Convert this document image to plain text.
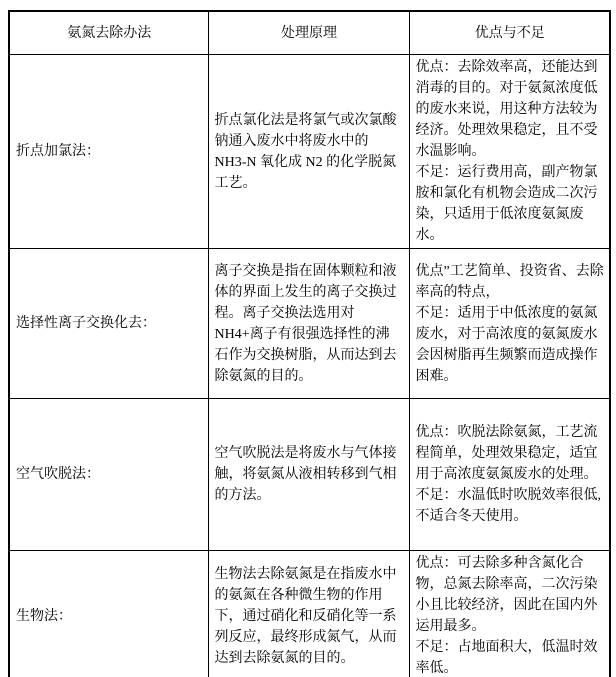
氨氮去除办法	处理原理	优点与不足
折点加氯法：	折点氯化法是将氯气或次氯酸钠通入废水中将废水中的 NH3-N 氧化成 N2 的化学脱氮工艺。	优点：去除效率高，还能达到消毒的目的。对于氨氮浓度低的废水来说，用这种方法较为经济。处理效果稳定，且不受水温影响。
不足：运行费用高，副产物氯胺和氯化有机物会造成二次污染，只适用于低浓度氨氮废水。

选择性离子交换化去：	离子交换是指在固体颗粒和液体的界面上发生的离子交换过程。离子交换法选用对 NH4+离子有很强选择性的沸石作为交换树脂，从而达到去除氨氮的目的。	优点”工艺简单、投资省、去除率高的特点，
不足：适用于中低浓度的氨氮废水，对于高浓度的氨氮废水会因树脂再生频繁而造成操作困难。

空气吹脱法：	空气吹脱法是将废水与气体接触，将氨氮从液相转移到气相的方法。	优点：吹脱法除氨氮，工艺流程简单，处理效果稳定，适宜用于高浓度氨氮废水的处理。
不足：水温低时吹脱效率很低,不适合冬天使用。

生物法：	生物法去除氨氮是在指废水中的氨氮在各种微生物的作用下，通过硝化和反硝化等一系列反应，最终形成氮气，从而达到去除氨氮的目的。	优点：可去除多种含氮化合物，总氮去除率高，二次污染小且比较经济，因此在国内外运用最多。
不足：占地面积大，低温时效率低。
